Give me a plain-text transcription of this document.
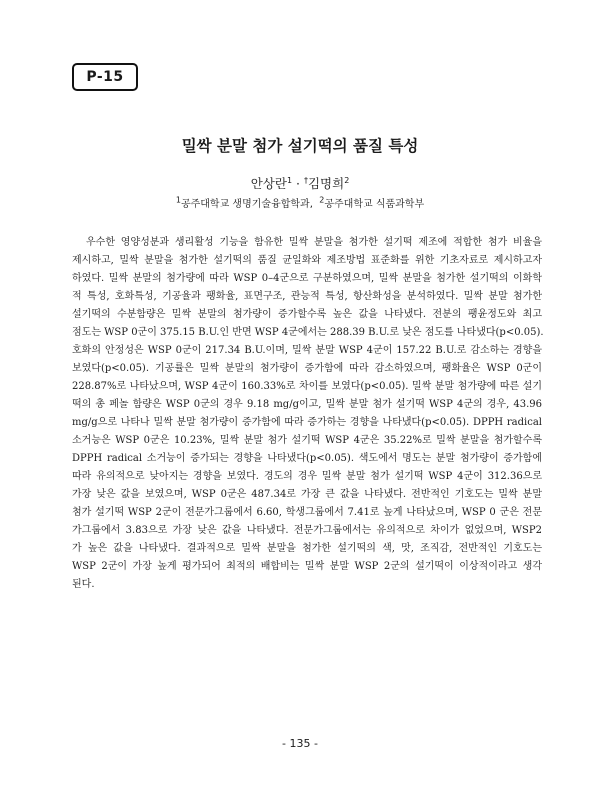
P-15
밀싹 분말 첨가 설기떡의 품질 특성
안상란$^1$ · †김명희$^2$
$^1$공주대학교 생명기술융합학과, $^2$공주대학교 식품과학부
우수한 영양성분과 생리활성 기능을 함유한 밀싹 분말을 첨가한 설기떡 제조에 적합한 첨가 비율을
제시하고, 밀싹 분말을 첨가한 설기떡의 품질 균일화와 제조방법 표준화를 위한 기초자료로 제시하고자
하였다. 밀싹 분말의 첨가량에 따라 WSP 0–4군으로 구분하였으며, 밀싹 분말을 첨가한 설기떡의 이화학
적 특성, 호화특성, 기공율과 팽화율, 표면구조, 관능적 특성, 항산화성을 분석하였다. 밀싹 분말 첨가한
설기떡의 수분함량은 밀싹 분말의 첨가량이 증가할수록 높은 값을 나타냈다. 전분의 팽윤정도와 최고
점도는 WSP 0군이 375.15 B.U.인 반면 WSP 4군에서는 288.39 B.U.로 낮은 점도를 나타냈다(p<0.05).
호화의 안정성은 WSP 0군이 217.34 B.U.이며, 밀싹 분말 WSP 4군이 157.22 B.U.로 감소하는 경향을
보였다(p<0.05). 기공률은 밀싹 분말의 첨가량이 증가함에 따라 감소하였으며, 팽화율은 WSP 0군이
228.87%로 나타났으며, WSP 4군이 160.33%로 차이를 보였다(p<0.05). 밀싹 분말 첨가량에 따른 설기
떡의 총 페놀 함량은 WSP 0군의 경우 9.18 mg/g이고, 밀싹 분말 첨가 설기떡 WSP 4군의 경우, 43.96
mg/g으로 나타나 밀싹 분말 첨가량이 증가함에 따라 증가하는 경향을 나타냈다(p<0.05). DPPH radical
소거능은 WSP 0군은 10.23%, 밀싹 분말 첨가 설기떡 WSP 4군은 35.22%로 밀싹 분말을 첨가할수록
DPPH radical 소거능이 증가되는 경향을 나타냈다(p<0.05). 색도에서 명도는 분말 첨가량이 증가함에
따라 유의적으로 낮아지는 경향을 보였다. 경도의 경우 밀싹 분말 첨가 설기떡 WSP 4군이 312.36으로
가장 낮은 값을 보였으며, WSP 0군은 487.34로 가장 큰 값을 나타냈다. 전반적인 기호도는 밀싹 분말
첨가 설기떡 WSP 2군이 전문가그룹에서 6.60, 학생그룹에서 7.41로 높게 나타났으며, WSP 0 군은 전문
가그룹에서 3.83으로 가장 낮은 값을 나타냈다. 전문가그룹에서는 유의적으로 차이가 없었으며, WSP2
가 높은 값을 나타냈다. 결과적으로 밀싹 분말을 첨가한 설기떡의 색, 맛, 조직감, 전반적인 기호도는
WSP 2군이 가장 높게 평가되어 최적의 배합비는 밀싹 분말 WSP 2군의 설기떡이 이상적이라고 생각
된다.
- 135 -
